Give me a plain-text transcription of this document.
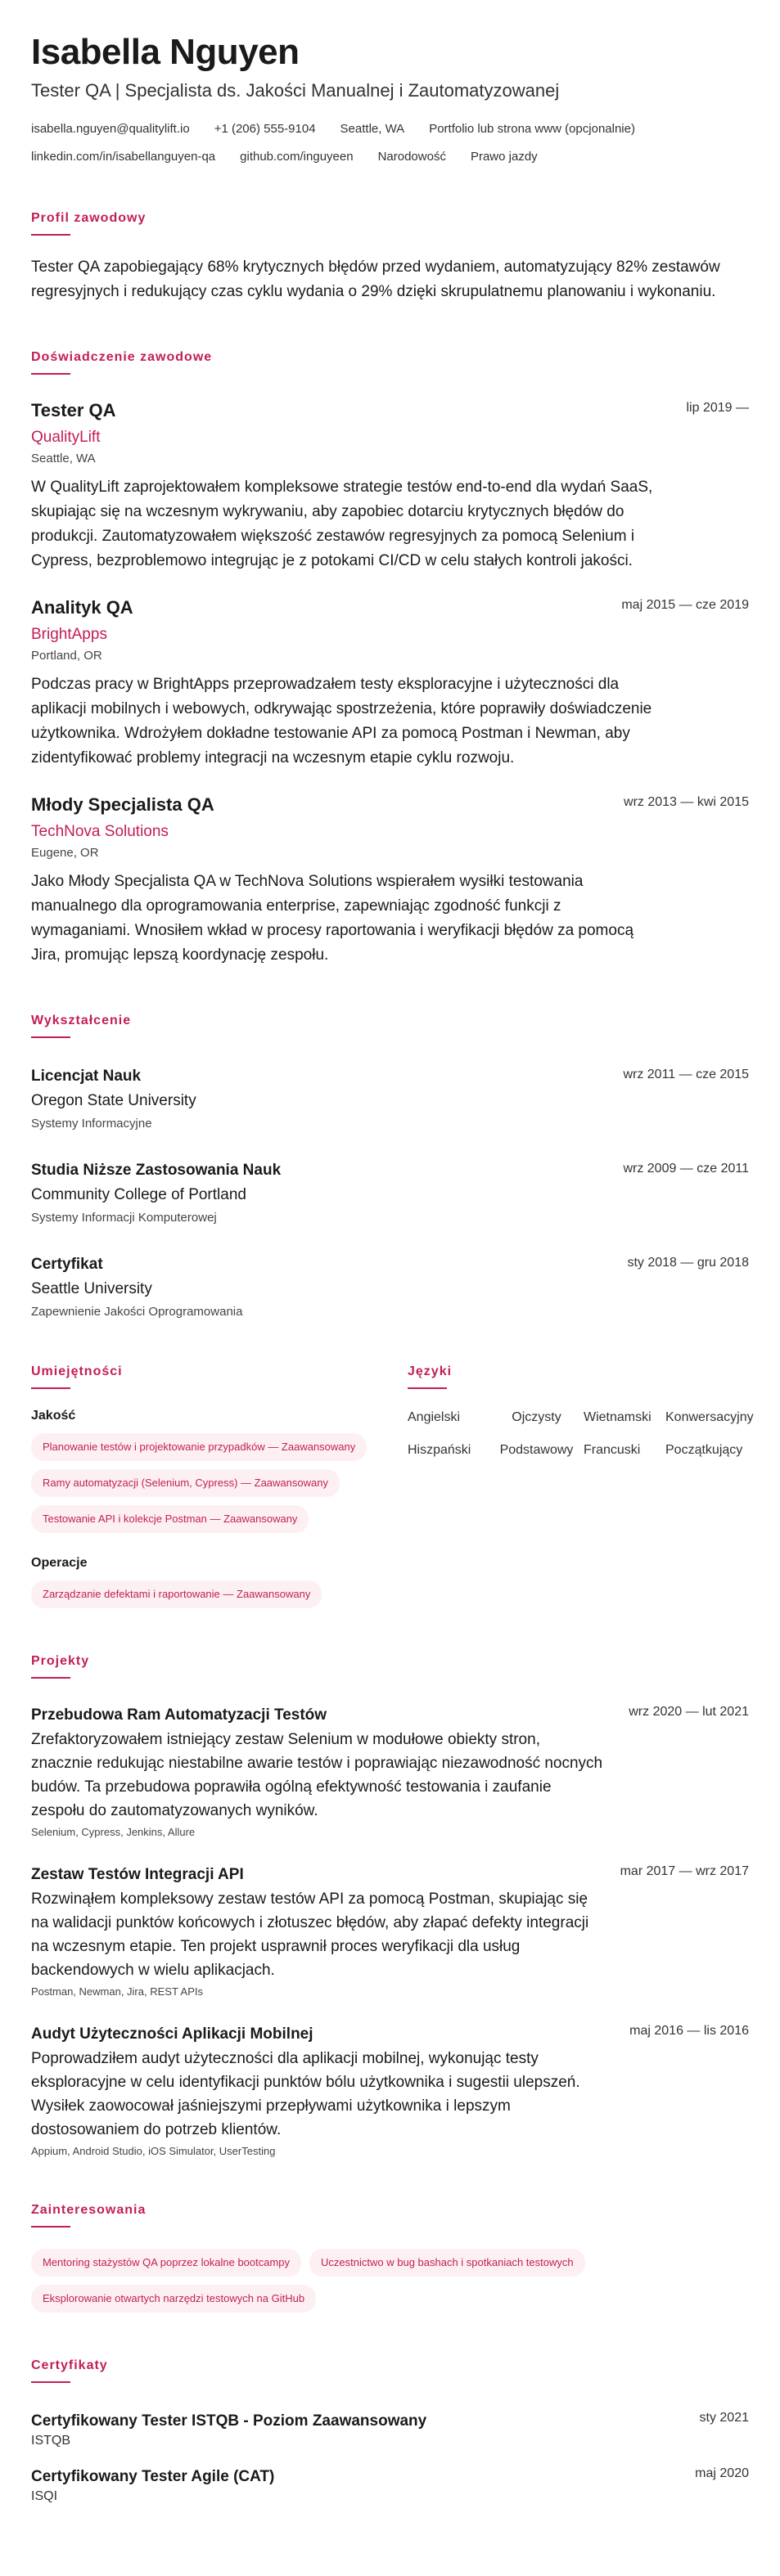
Isabella Nguyen
Tester QA | Specjalista ds. Jakości Manualnej i Zautomatyzowanej
isabella.nguyen@qualitylift.io +1 (206) 555-9104 Seattle, WA Portfolio lub strona www (opcjonalnie)
linkedin.com/in/isabellanguyen-qa github.com/inguyeen Narodowość Prawo jazdy
Profil zawodowy
Tester QA zapobiegający 68% krytycznych błędów przed wydaniem, automatyzujący 82% zestawów regresyjnych i redukujący czas cyklu wydania o 29% dzięki skrupulatnemu planowaniu i wykonaniu.
Doświadczenie zawodowe
Tester QA	lip 2019 —
QualityLift
Seattle, WA
W QualityLift zaprojektowałem kompleksowe strategie testów end-to-end dla wydań SaaS, skupiając się na wczesnym wykrywaniu, aby zapobiec dotarciu krytycznych błędów do produkcji. Zautomatyzowałem większość zestawów regresyjnych za pomocą Selenium i Cypress, bezproblemowo integrując je z potokami CI/CD w celu stałych kontroli jakości.
Analityk QA	maj 2015 — cze 2019
BrightApps
Portland, OR
Podczas pracy w BrightApps przeprowadzałem testy eksploracyjne i użyteczności dla aplikacji mobilnych i webowych, odkrywając spostrzeżenia, które poprawiły doświadczenie użytkownika. Wdrożyłem dokładne testowanie API za pomocą Postman i Newman, aby zidentyfikować problemy integracji na wczesnym etapie cyklu rozwoju.
Młody Specjalista QA	wrz 2013 — kwi 2015
TechNova Solutions
Eugene, OR
Jako Młody Specjalista QA w TechNova Solutions wspierałem wysiłki testowania manualnego dla oprogramowania enterprise, zapewniając zgodność funkcji z wymaganiami. Wnosiłem wkład w procesy raportowania i weryfikacji błędów za pomocą Jira, promując lepszą koordynację zespołu.
Wykształcenie
Licencjat Nauk	wrz 2011 — cze 2015
Oregon State University
Systemy Informacyjne
Studia Niższe Zastosowania Nauk	wrz 2009 — cze 2011
Community College of Portland
Systemy Informacji Komputerowej
Certyfikat	sty 2018 — gru 2018
Seattle University
Zapewnienie Jakości Oprogramowania
Umiejętności
Jakość
Planowanie testów i projektowanie przypadków — Zaawansowany
Ramy automatyzacji (Selenium, Cypress) — Zaawansowany
Testowanie API i kolekcje Postman — Zaawansowany
Operacje
Zarządzanie defektami i raportowanie — Zaawansowany
Języki
Angielski	Ojczysty	Wietnamski	Konwersacyjny
Hiszpański	Podstawowy Francuski	Początkujący
Projekty
Przebudowa Ram Automatyzacji Testów	wrz 2020 — lut 2021
Zrefaktoryzowałem istniejący zestaw Selenium w modułowe obiekty stron, znacznie redukując niestabilne awarie testów i poprawiając niezawodność nocnych budów. Ta przebudowa poprawiła ogólną efektywność testowania i zaufanie zespołu do zautomatyzowanych wyników.
Selenium, Cypress, Jenkins, Allure
Zestaw Testów Integracji API	mar 2017 — wrz 2017
Rozwinąłem kompleksowy zestaw testów API za pomocą Postman, skupiając się na walidacji punktów końcowych i złotuszec błędów, aby złapać defekty integracji na wczesnym etapie. Ten projekt usprawnił proces weryfikacji dla usług backendowych w wielu aplikacjach.
Postman, Newman, Jira, REST APIs
Audyt Użyteczności Aplikacji Mobilnej	maj 2016 — lis 2016
Poprowadziłem audyt użyteczności dla aplikacji mobilnej, wykonując testy eksploracyjne w celu identyfikacji punktów bólu użytkownika i sugestii ulepszeń. Wysiłek zaowocował jaśniejszymi przepływami użytkownika i lepszym dostosowaniem do potrzeb klientów.
Appium, Android Studio, iOS Simulator, UserTesting
Zainteresowania
Mentoring stażystów QA poprzez lokalne bootcampy	Uczestnictwo w bug bashach i spotkaniach testowych
Eksplorowanie otwartych narzędzi testowych na GitHub
Certyfikaty
Certyfikowany Tester ISTQB - Poziom Zaawansowany	sty 2021
ISTQB
Certyfikowany Tester Agile (CAT)	maj 2020
ISQI
